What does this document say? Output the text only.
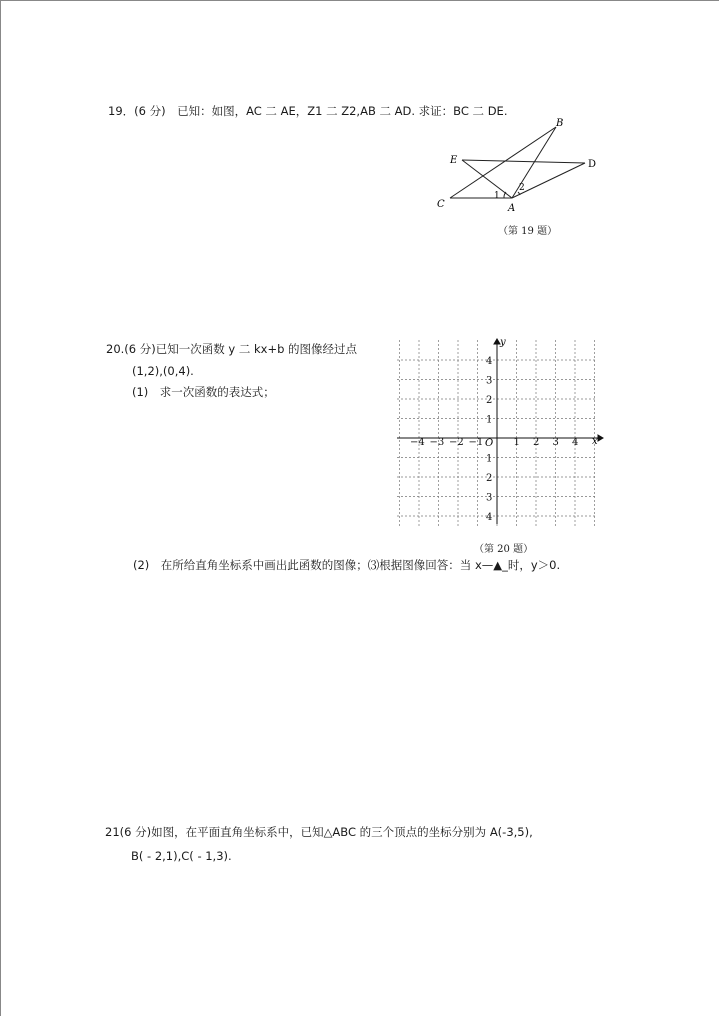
19．(6 分)　已知：如图，AC 二 AE，Z1 二 Z2,AB 二 AD. 求证：BC 二 DE.
B
E	D
C	A
1
2
（第 19 题）
20.(6 分)已知一次函数 y 二 kx+b 的图像经过点
(1,2),(0,4).
(1)　求一次函数的表达式；
−4 −3 −2 −1	1 2 3 4
4
3
2
1
1
2
3
4
x
y
O
（第 20 题）
(2)　在所给直角坐标系中画出此函数的图像；⑶根据图像回答：当 x—▲_时，y＞0.
21(6 分)如图，在平面直角坐标系中，已知△ABC 的三个顶点的坐标分别为 A(-3,5),
B( - 2,1),C( - 1,3).
